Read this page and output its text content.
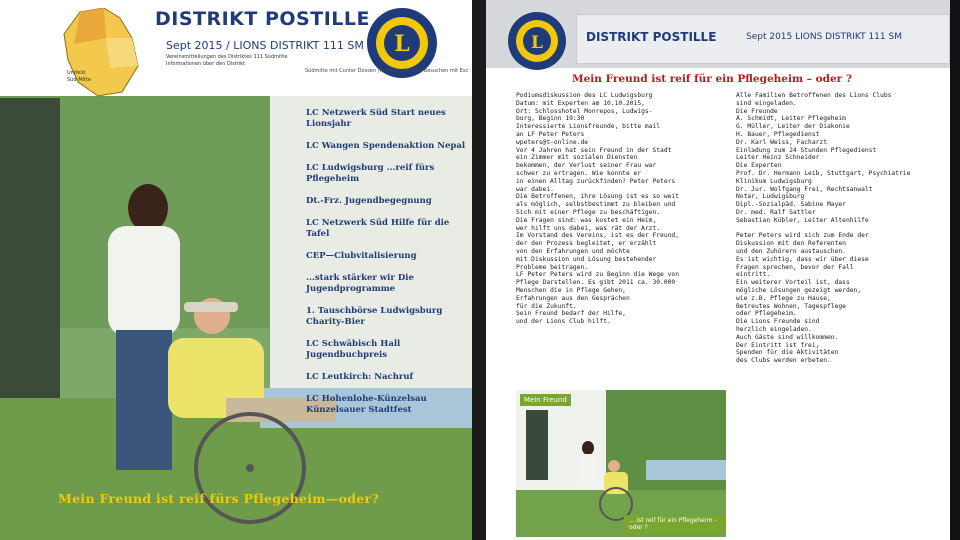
DISTRIKT POSTILLE
Sept 2015 / LIONS DISTRIKT 111 SM
Vereinsmitteilungen des Distriktes 111 Südmitte
Informationen über den Distrikt
Umfeld Süd-Mitte
L
Südmitte mit Cunter Dossen (Präsidentkanten) Besuchen mit Esc
LC Netzwerk Süd Start neues Lionsjahr
LC Wangen Spendenaktion Nepal
LC Ludwigsburg ...reif fürs Pflegeheim
Dt.-Frz. Jugendbegegnung
LC Netzwerk Süd Hilfe für die Tafel
CEP—Clubvitalisierung
...stark stärker wir Die Jugendprogramme
1. Tauschbörse Ludwigsburg Charity-Bier
LC Schwäbisch Hall Jugendbuchpreis
LC Leutkirch: Nachruf
LC Hohenlohe-Künzelsau Künzelsauer Stadtfest
Mein Freund ist reif fürs Pflegeheim—oder?
L	DISTRIKT POSTILLE	Sept 2015 LIONS DISTRIKT 111 SM
Mein Freund ist reif für ein Pflegeheim – oder ?
Podiumsdiskussion des LC Ludwigsburg
Datum: mit Experten am 10.10.2015,
Ort: Schlosshotel Monrepos, Ludwigs-
burg, Beginn 19:30
Interessierte Lionsfreunde, bitte mail
an LF Peter Peters
wpeters@t-online.de
Vor 4 Jahren hat sein Freund in der Stadt
ein Zimmer mit sozialen Diensten
bekommen, der Verlust seiner Frau war
schwer zu ertragen. Wie konnte er
in einen Alltag zurückfinden? Peter Peters
war dabei.
Die Betroffenen, ihre Lösung ist es so weit
als möglich, selbstbestimmt zu bleiben und
Sich mit einer Pflege zu beschäftigen.
Die Fragen sind: was kostet ein Heim,
wer hilft uns dabei, was rät der Arzt.
Im Vorstand des Vereins, ist es der Freund,
der den Prozess begleitet, er erzählt
von den Erfahrungen und möchte
mit Diskussion und Lösung bestehender
Probleme beitragen.
LF Peter Peters wird zu Beginn die Wege von
Pflege Darstellen. Es gibt 2011 ca. 30.000
Menschen die in Pflege Gehen,
Erfahrungen aus den Gesprächen
für die Zukunft.
Sein Freund bedarf der Hilfe,
und der Lions Club hilft.
Alle Familien Betroffenen des Lions Clubs
sind eingeladen.
Die Freunde
A. Schmidt, Leiter Pflegeheim
G. Müller, Leiter der Diakonie
H. Bauer, Pflegedienst
Dr. Karl Weiss, Facharzt
Einladung zum 24 Stunden Pflegedienst
Leiter Heinz Schneider
Die Experten
Prof. Dr. Hermann Leib, Stuttgart, Psychiatrie
Klinikum Ludwigsburg
Dr. Jur. Wolfgang Frei, Rechtsanwalt
Notar, Ludwigsburg
Dipl.-Sozialpäd. Sabine Mayer
Dr. med. Ralf Sattler
Sebastian Kübler, Leiter Altenhilfe

Peter Peters wird sich zum Ende der
Diskussion mit den Referenten
und den Zuhörern austauschen.
Es ist wichtig, dass wir über diese
Fragen sprechen, bevor der Fall
eintritt.
Ein weiterer Vorteil ist, dass
mögliche Lösungen gezeigt werden,
wie z.B. Pflege zu Hause,
Betreutes Wohnen, Tagespflege
oder Pflegeheim.
Die Lions Freunde sind
herzlich eingeladen.
Auch Gäste sind willkommen.
Der Eintritt ist frei,
Spenden für die Aktivitäten
des Clubs werden erbeten.
Mein Freund
... ist reif für ein Pflegeheim - oder ?
